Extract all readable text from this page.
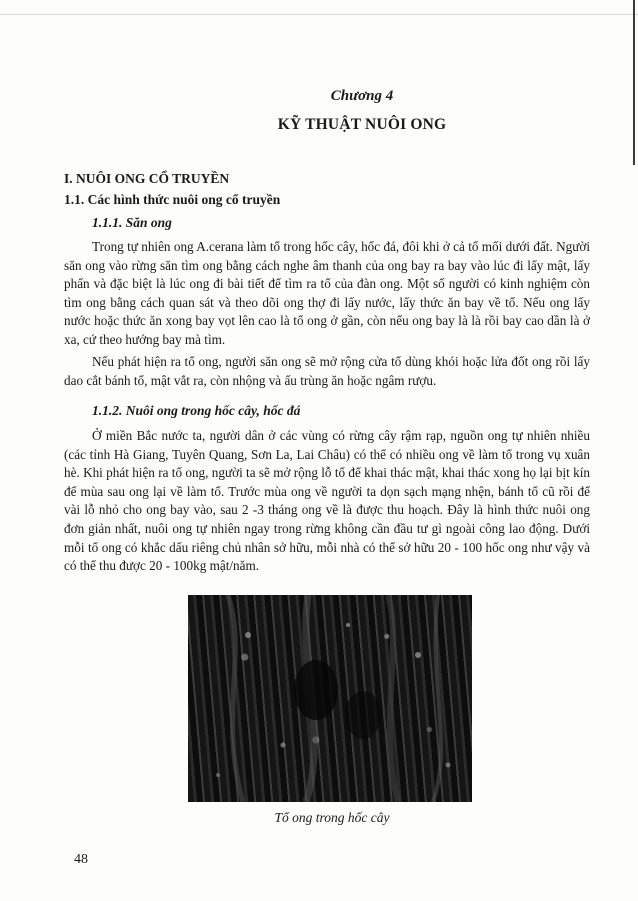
Chương 4
KỸ THUẬT NUÔI ONG
I. NUÔI ONG CỔ TRUYỀN
1.1. Các hình thức nuôi ong cổ truyền
1.1.1. Săn ong

Trong tự nhiên ong A.cerana làm tổ trong hốc cây, hốc đá, đôi khi ở cả tổ mối dưới đất. Người săn ong vào rừng săn tìm ong bằng cách nghe âm thanh của ong bay ra bay vào lúc đi lấy mật, lấy phấn và đặc biệt là lúc ong đi bài tiết để tìm ra tổ của đàn ong. Một số người có kinh nghiệm còn tìm ong bằng cách quan sát và theo dõi ong thợ đi lấy nước, lấy thức ăn bay về tổ. Nếu ong lấy nước hoặc thức ăn xong bay vọt lên cao là tổ ong ở gần, còn nếu ong bay là là rồi bay cao dần là ở xa, cứ theo hướng bay mà tìm.

Nếu phát hiện ra tổ ong, người săn ong sẽ mở rộng cửa tổ dùng khói hoặc lửa đốt ong rồi lấy dao cắt bánh tổ, mật vắt ra, còn nhộng và ấu trùng ăn hoặc ngâm rượu.

1.1.2. Nuôi ong trong hốc cây, hốc đá

Ở miền Bắc nước ta, người dân ở các vùng có rừng cây rậm rạp, nguồn ong tự nhiên nhiều (các tỉnh Hà Giang, Tuyên Quang, Sơn La, Lai Châu) có thể có nhiều ong về làm tổ trong vụ xuân hè. Khi phát hiện ra tổ ong, người ta sẽ mở rộng lỗ tổ để khai thác mật, khai thác xong họ lại bịt kín để mùa sau ong lại về làm tổ. Trước mùa ong về người ta dọn sạch mạng nhện, bánh tổ cũ rồi để vài lỗ nhỏ cho ong bay vào, sau 2 -3 tháng ong về là được thu hoạch. Đây là hình thức nuôi ong đơn giản nhất, nuôi ong tự nhiên ngay trong rừng không cần đầu tư gì ngoài công lao động. Dưới mỗi tổ ong có khắc dấu riêng chủ nhân sở hữu, mỗi nhà có thể sở hữu 20 - 100 hốc ong như vậy và có thể thu được 20 - 100kg mật/năm.

Tổ ong trong hốc cây
48
